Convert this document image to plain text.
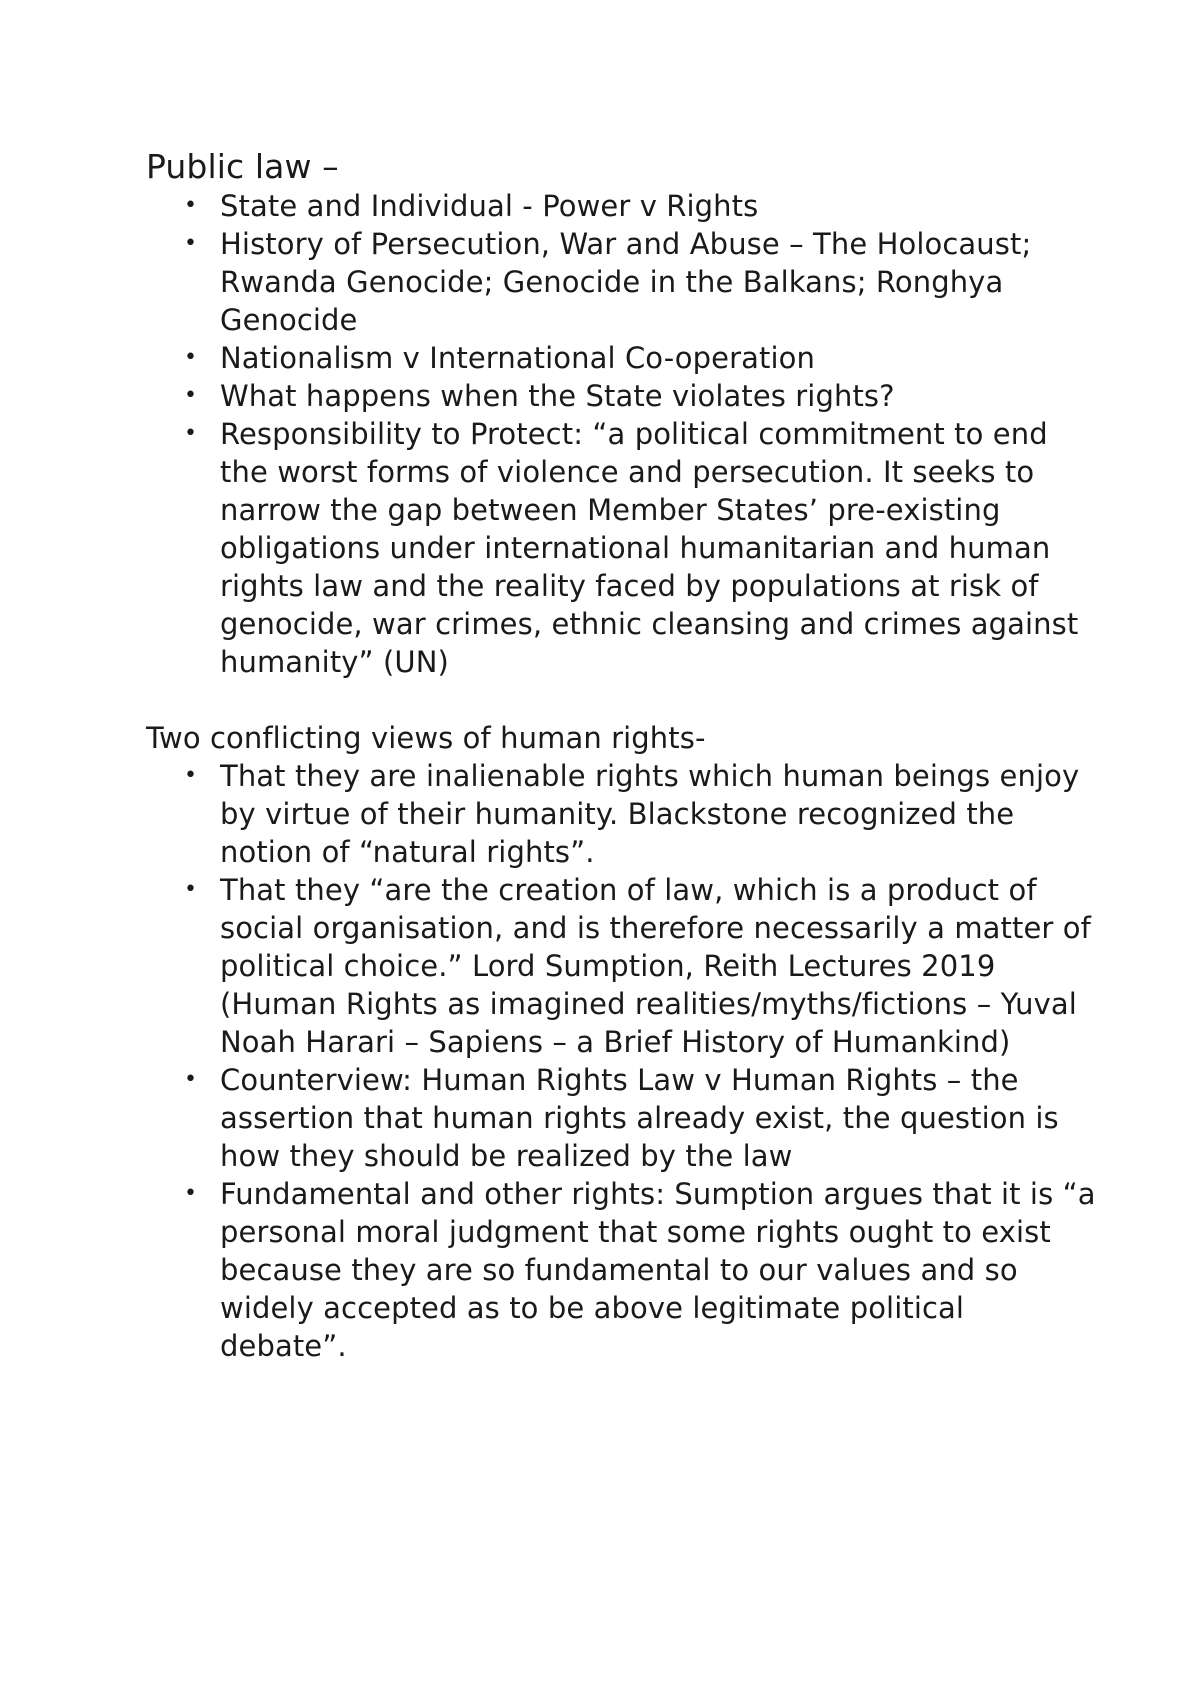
Public law –

• State and Individual - Power v Rights
• History of Persecution, War and Abuse – The Holocaust; Rwanda Genocide; Genocide in the Balkans; Ronghya Genocide
• Nationalism v International Co-operation
• What happens when the State violates rights?
• Responsibility to Protect: “a political commitment to end the worst forms of violence and persecution. It seeks to narrow the gap between Member States’ pre-existing obligations under international humanitarian and human rights law and the reality faced by populations at risk of genocide, war crimes, ethnic cleansing and crimes against humanity” (UN)

Two conflicting views of human rights-

• That they are inalienable rights which human beings enjoy by virtue of their humanity. Blackstone recognized the notion of “natural rights”.
• That they “are the creation of law, which is a product of social organisation, and is therefore necessarily a matter of political choice.” Lord Sumption, Reith Lectures 2019 (Human Rights as imagined realities/myths/fictions – Yuval Noah Harari – Sapiens – a Brief History of Humankind)
• Counterview: Human Rights Law v Human Rights – the assertion that human rights already exist, the question is how they should be realized by the law
• Fundamental and other rights: Sumption argues that it is “a personal moral judgment that some rights ought to exist because they are so fundamental to our values and so widely accepted as to be above legitimate political debate”.
